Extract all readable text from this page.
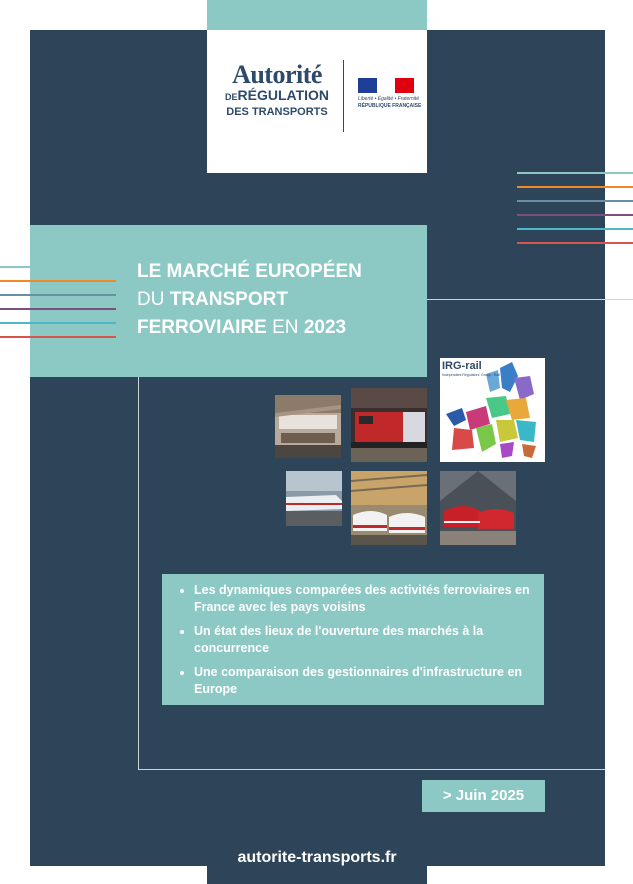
Autorité
DERÉGULATION
DES TRANSPORTS
Liberté • Égalité • Fraternité
RÉPUBLIQUE FRANÇAISE
LE MARCHÉ EUROPÉEN
DU TRANSPORT
FERROVIAIRE EN 2023
IRG-rail
Independent Regulators' Group - Rail
• Les dynamiques comparées des activités ferroviaires en France avec les pays voisins
• Un état des lieux de l'ouverture des marchés à la concurrence
• Une comparaison des gestionnaires d'infrastructure en Europe
> Juin 2025
autorite-transports.fr
